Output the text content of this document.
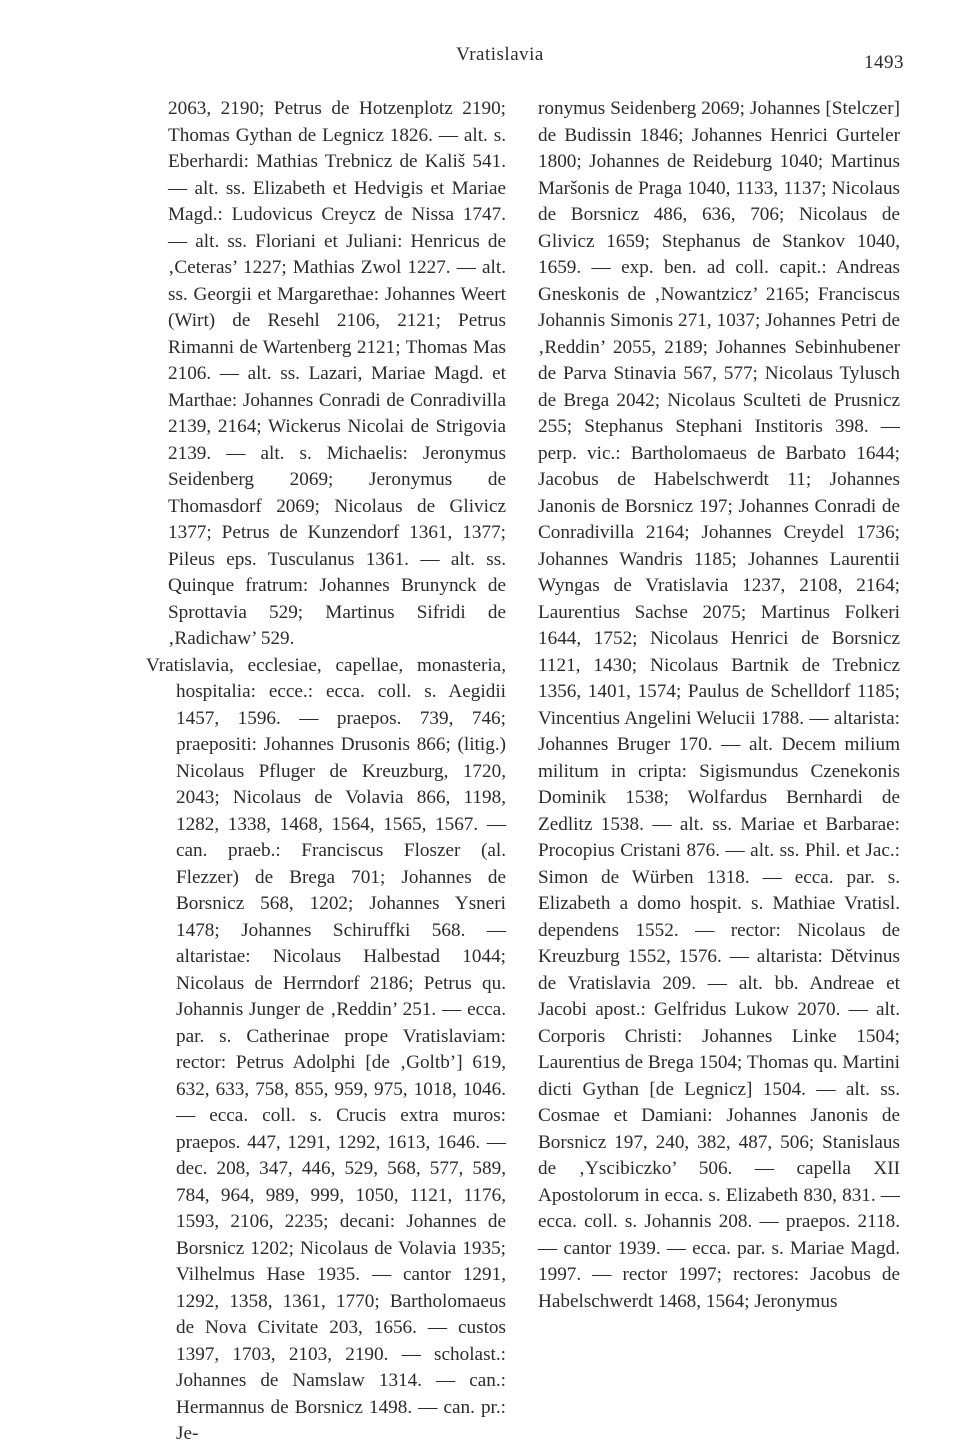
Vratislavia	1493

2063, 2190; Petrus de Hotzenplotz 2190; Thomas Gythan de Legnicz 1826. — alt. s. Eberhardi: Mathias Trebnicz de Kališ 541. — alt. ss. Elizabeth et Hedvigis et Mariae Magd.: Ludovicus Creycz de Nissa 1747. — alt. ss. Floriani et Juliani: Henricus de ‚Ceteras’ 1227; Mathias Zwol 1227. — alt. ss. Georgii et Margarethae: Johannes Weert (Wirt) de Resehl 2106, 2121; Petrus Rimanni de Wartenberg 2121; Thomas Mas 2106. — alt. ss. Lazari, Mariae Magd. et Marthae: Johannes Conradi de Conradivilla 2139, 2164; Wickerus Nicolai de Strigovia 2139. — alt. s. Michaelis: Jeronymus Seidenberg 2069; Jeronymus de Thomasdorf 2069; Nicolaus de Glivicz 1377; Petrus de Kunzendorf 1361, 1377; Pileus eps. Tusculanus 1361. — alt. ss. Quinque fratrum: Johannes Brunynck de Sprottavia 529; Martinus Sifridi de ‚Radichaw’ 529.

Vratislavia, ecclesiae, capellae, monasteria, hospitalia: ecce.: ecca. coll. s. Aegidii 1457, 1596. — praepos. 739, 746; praepositi: Johannes Drusonis 866; (litig.) Nicolaus Pfluger de Kreuzburg, 1720, 2043; Nicolaus de Volavia 866, 1198, 1282, 1338, 1468, 1564, 1565, 1567. — can. praeb.: Franciscus Floszer (al. Flezzer) de Brega 701; Johannes de Borsnicz 568, 1202; Johannes Ysneri 1478; Johannes Schiruffki 568. — altaristae: Nicolaus Halbestad 1044; Nicolaus de Herrndorf 2186; Petrus qu. Johannis Junger de ‚Reddin’ 251. — ecca. par. s. Catherinae prope Vratislaviam: rector: Petrus Adolphi [de ‚Goltb’] 619, 632, 633, 758, 855, 959, 975, 1018, 1046. — ecca. coll. s. Crucis extra muros: praepos. 447, 1291, 1292, 1613, 1646. — dec. 208, 347, 446, 529, 568, 577, 589, 784, 964, 989, 999, 1050, 1121, 1176, 1593, 2106, 2235; decani: Johannes de Borsnicz 1202; Nicolaus de Volavia 1935; Vilhelmus Hase 1935. — cantor 1291, 1292, 1358, 1361, 1770; Bartholomaeus de Nova Civitate 203, 1656. — custos 1397, 1703, 2103, 2190. — scholast.: Johannes de Namslaw 1314. — can.: Hermannus de Borsnicz 1498. — can. pr.: Je-

ronymus Seidenberg 2069; Johannes [Stelczer] de Budissin 1846; Johannes Henrici Gurteler 1800; Johannes de Reideburg 1040; Martinus Maršonis de Praga 1040, 1133, 1137; Nicolaus de Borsnicz 486, 636, 706; Nicolaus de Glivicz 1659; Stephanus de Stankov 1040, 1659. — exp. ben. ad coll. capit.: Andreas Gneskonis de ‚Nowantzicz’ 2165; Franciscus Johannis Simonis 271, 1037; Johannes Petri de ‚Reddin’ 2055, 2189; Johannes Sebinhubener de Parva Stinavia 567, 577; Nicolaus Tylusch de Brega 2042; Nicolaus Sculteti de Prusnicz 255; Stephanus Stephani Institoris 398. — perp. vic.: Bartholomaeus de Barbato 1644; Jacobus de Habelschwerdt 11; Johannes Janonis de Borsnicz 197; Johannes Conradi de Conradivilla 2164; Johannes Creydel 1736; Johannes Wandris 1185; Johannes Laurentii Wyngas de Vratislavia 1237, 2108, 2164; Laurentius Sachse 2075; Martinus Folkeri 1644, 1752; Nicolaus Henrici de Borsnicz 1121, 1430; Nicolaus Bartnik de Trebnicz 1356, 1401, 1574; Paulus de Schelldorf 1185; Vincentius Angelini Welucii 1788. — altarista: Johannes Bruger 170. — alt. Decem milium militum in cripta: Sigismundus Czenekonis Dominik 1538; Wolfardus Bernhardi de Zedlitz 1538. — alt. ss. Mariae et Barbarae: Procopius Cristani 876. — alt. ss. Phil. et Jac.: Simon de Würben 1318. — ecca. par. s. Elizabeth a domo hospit. s. Mathiae Vratisl. dependens 1552. — rector: Nicolaus de Kreuzburg 1552, 1576. — altarista: Dětvinus de Vratislavia 209. — alt. bb. Andreae et Jacobi apost.: Gelfridus Lukow 2070. — alt. Corporis Christi: Johannes Linke 1504; Laurentius de Brega 1504; Thomas qu. Martini dicti Gythan [de Legnicz] 1504. — alt. ss. Cosmae et Damiani: Johannes Janonis de Borsnicz 197, 240, 382, 487, 506; Stanislaus de ‚Yscibiczko’ 506. — capella XII Apostolorum in ecca. s. Elizabeth 830, 831. — ecca. coll. s. Johannis 208. — praepos. 2118. — cantor 1939. — ecca. par. s. Mariae Magd. 1997. — rector 1997; rectores: Jacobus de Habelschwerdt 1468, 1564; Jeronymus
